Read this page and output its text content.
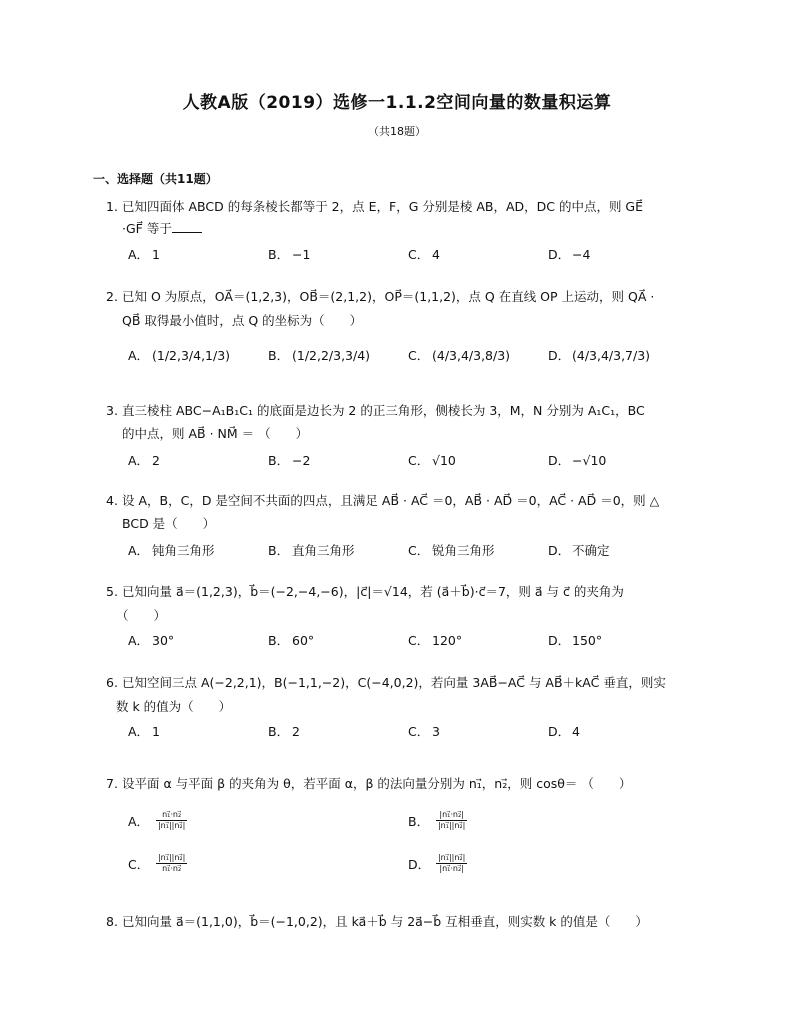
人教A版（2019）选修一1.1.2空间向量的数量积运算
（共18题）
一、选择题（共11题）
1. 已知四面体 ABCD 的每条棱长都等于 2，点 E，F，G 分别是棱 AB，AD，DC 的中点，则 GE⃗
·GF⃗ 等于
A． 1	B． −1	C． 4	D． −4
2. 已知 O 为原点，OA⃗＝(1,2,3)，OB⃗＝(2,1,2)，OP⃗＝(1,1,2)，点 Q 在直线 OP 上运动，则 QA⃗ ·
QB⃗ 取得最小值时，点 Q 的坐标为（　　）
A． (1/2,3/4,1/3)	B． (1/2,2/3,3/4)	C． (4/3,4/3,8/3)	D． (4/3,4/3,7/3)
3. 直三棱柱 ABC−A₁B₁C₁ 的底面是边长为 2 的正三角形，侧棱长为 3，M，N 分别为 A₁C₁，BC
的中点，则 AB⃗ · NM⃗ ＝ （　　）
A． 2	B． −2	C． √10	D． −√10
4. 设 A，B，C，D 是空间不共面的四点，且满足 AB⃗ · AC⃗ ＝0，AB⃗ · AD⃗ ＝0，AC⃗ · AD⃗ ＝0，则 △
BCD 是（　　）
A． 钝角三角形	B． 直角三角形	C． 锐角三角形	D． 不确定
5. 已知向量 a⃗＝(1,2,3)，b⃗＝(−2,−4,−6)，|c⃗|＝√14，若 (a⃗＋b⃗)·c⃗＝7，则 a⃗ 与 c⃗ 的夹角为
（　　）
A． 30°	B． 60°	C． 120°	D． 150°
6. 已知空间三点 A(−2,2,1)，B(−1,1,−2)，C(−4,0,2)，若向量 3AB⃗−AC⃗ 与 AB⃗＋kAC⃗ 垂直，则实
数 k 的值为（　　）
A． 1	B． 2	C． 3	D． 4
7. 设平面 α 与平面 β 的夹角为 θ，若平面 α，β 的法向量分别为 n₁⃗，n₂⃗，则 cosθ＝ （　　）
A． $\frac{\text{n₁⃗·n₂⃗}}{\text{|n₁⃗||n₂⃗|}}$	B． $\frac{\text{|n₁⃗·n₂⃗|}}{\text{|n₁⃗||n₂⃗|}}$
C． $\frac{\text{|n₁⃗||n₂⃗|}}{\text{n₁⃗·n₂⃗}}$	D． $\frac{\text{|n₁⃗||n₂⃗|}}{\text{|n₁⃗·n₂⃗|}}$
8. 已知向量 a⃗＝(1,1,0)，b⃗＝(−1,0,2)，且 ka⃗＋b⃗ 与 2a⃗−b⃗ 互相垂直，则实数 k 的值是（　　）
